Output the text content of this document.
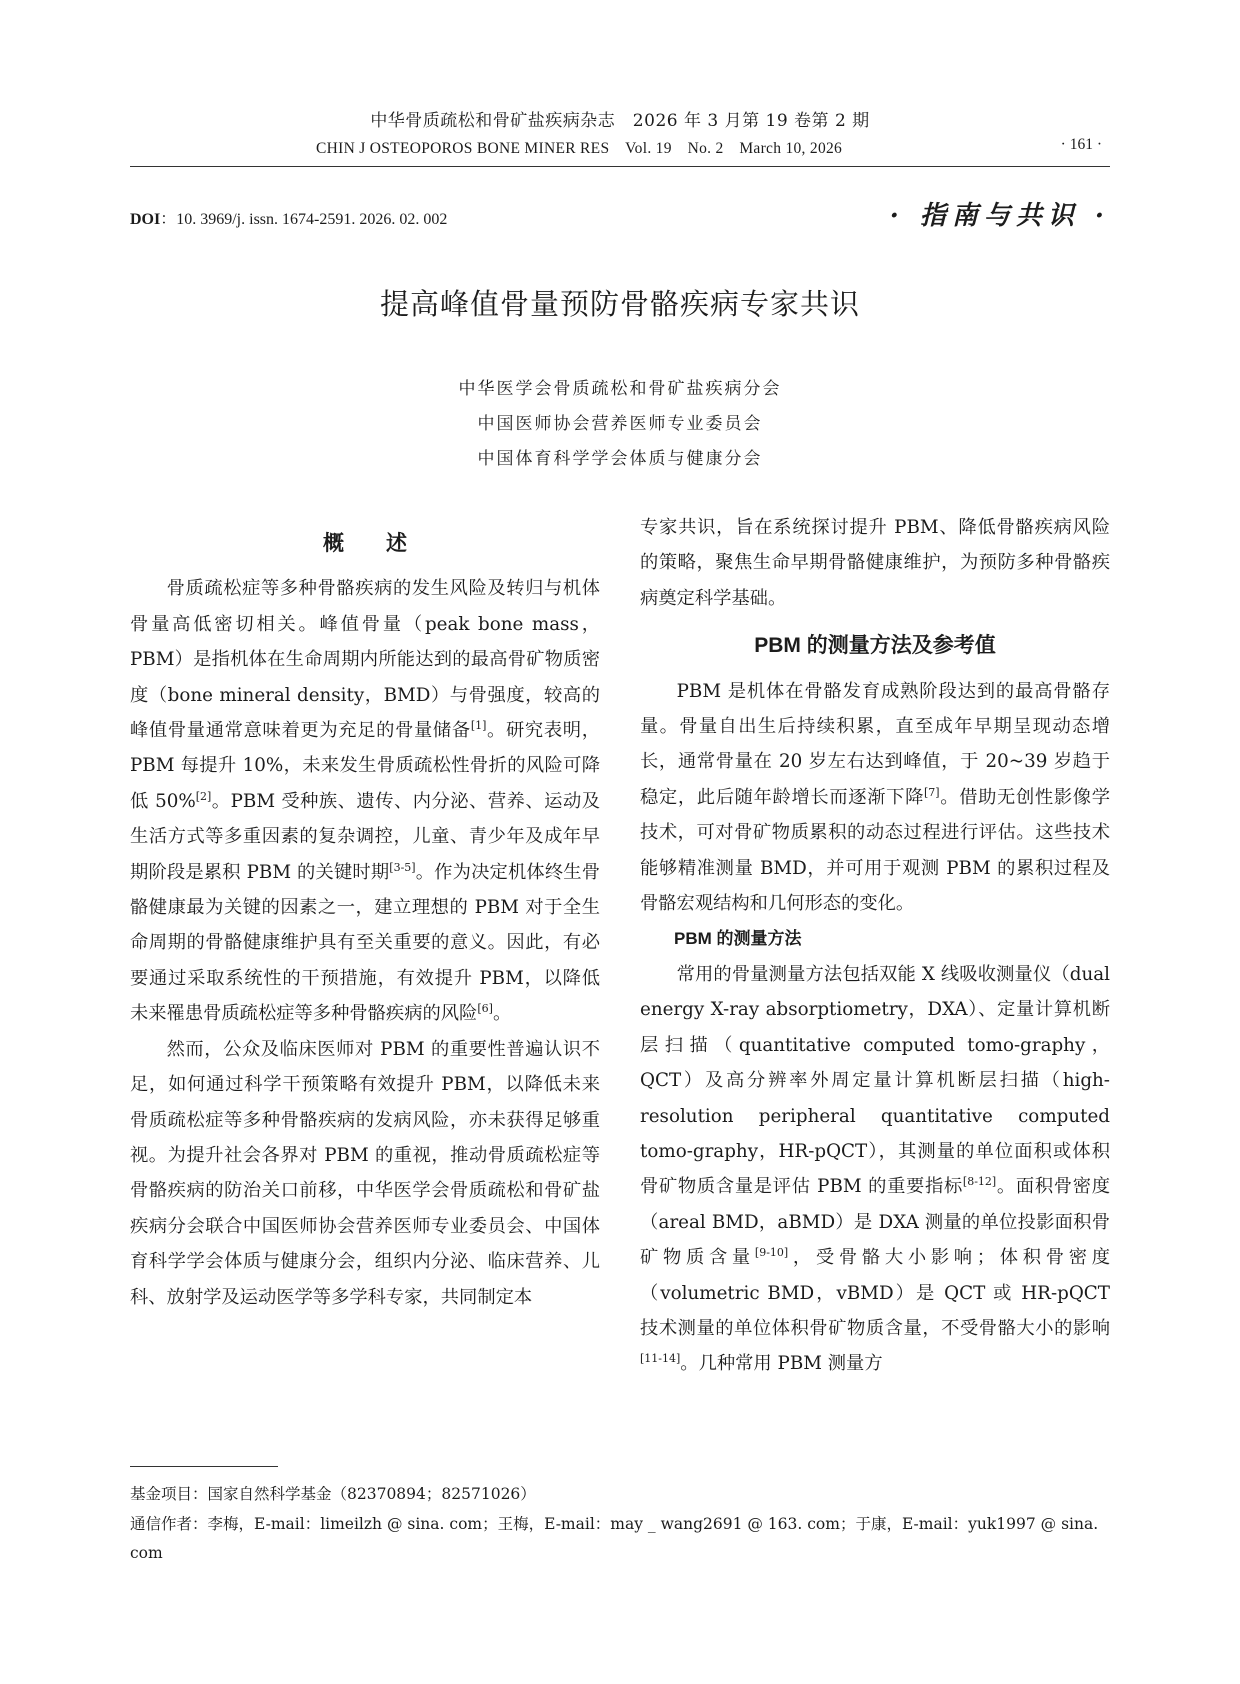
中华骨质疏松和骨矿盐疾病杂志　2026 年 3 月第 19 卷第 2 期
CHIN J OSTEOPOROS BONE MINER RES　Vol. 19　No. 2　March 10, 2026	· 161 ·
DOI：10. 3969/j. issn. 1674-2591. 2026. 02. 002	· 指南与共识 ·
提高峰值骨量预防骨骼疾病专家共识
中华医学会骨质疏松和骨矿盐疾病分会
中国医师协会营养医师专业委员会
中国体育科学学会体质与健康分会

概　　述

骨质疏松症等多种骨骼疾病的发生风险及转归与机体骨量高低密切相关。峰值骨量（peak bone mass，PBM）是指机体在生命周期内所能达到的最高骨矿物质密度（bone mineral density，BMD）与骨强度，较高的峰值骨量通常意味着更为充足的骨量储备[1]。研究表明，PBM 每提升 10%，未来发生骨质疏松性骨折的风险可降低 50%[2]。PBM 受种族、遗传、内分泌、营养、运动及生活方式等多重因素的复杂调控，儿童、青少年及成年早期阶段是累积 PBM 的关键时期[3-5]。作为决定机体终生骨骼健康最为关键的因素之一，建立理想的 PBM 对于全生命周期的骨骼健康维护具有至关重要的意义。因此，有必要通过采取系统性的干预措施，有效提升 PBM，以降低未来罹患骨质疏松症等多种骨骼疾病的风险[6]。

然而，公众及临床医师对 PBM 的重要性普遍认识不足，如何通过科学干预策略有效提升 PBM，以降低未来骨质疏松症等多种骨骼疾病的发病风险，亦未获得足够重视。为提升社会各界对 PBM 的重视，推动骨质疏松症等骨骼疾病的防治关口前移，中华医学会骨质疏松和骨矿盐疾病分会联合中国医师协会营养医师专业委员会、中国体育科学学会体质与健康分会，组织内分泌、临床营养、儿科、放射学及运动医学等多学科专家，共同制定本

专家共识，旨在系统探讨提升 PBM、降低骨骼疾病风险的策略，聚焦生命早期骨骼健康维护，为预防多种骨骼疾病奠定科学基础。

PBM 的测量方法及参考值

PBM 是机体在骨骼发育成熟阶段达到的最高骨骼存量。骨量自出生后持续积累，直至成年早期呈现动态增长，通常骨量在 20 岁左右达到峰值，于 20~39 岁趋于稳定，此后随年龄增长而逐渐下降[7]。借助无创性影像学技术，可对骨矿物质累积的动态过程进行评估。这些技术能够精准测量 BMD，并可用于观测 PBM 的累积过程及骨骼宏观结构和几何形态的变化。

PBM 的测量方法

常用的骨量测量方法包括双能 X 线吸收测量仪（dual energy X-ray absorptiometry，DXA）、定量计算机断层扫描（quantitative computed tomo-graphy，QCT）及高分辨率外周定量计算机断层扫描（high-resolution peripheral quantitative computed tomo-graphy，HR-pQCT），其测量的单位面积或体积骨矿物质含量是评估 PBM 的重要指标[8-12]。面积骨密度（areal BMD，aBMD）是 DXA 测量的单位投影面积骨矿物质含量[9-10]，受骨骼大小影响；体积骨密度（volumetric BMD，vBMD）是 QCT 或 HR-pQCT 技术测量的单位体积骨矿物质含量，不受骨骼大小的影响[11-14]。几种常用 PBM 测量方

基金项目：国家自然科学基金（82370894；82571026）
通信作者：李梅，E-mail：limeilzh @ sina. com；王梅，E-mail：may _ wang2691 @ 163. com；于康，E-mail：yuk1997 @ sina. com
